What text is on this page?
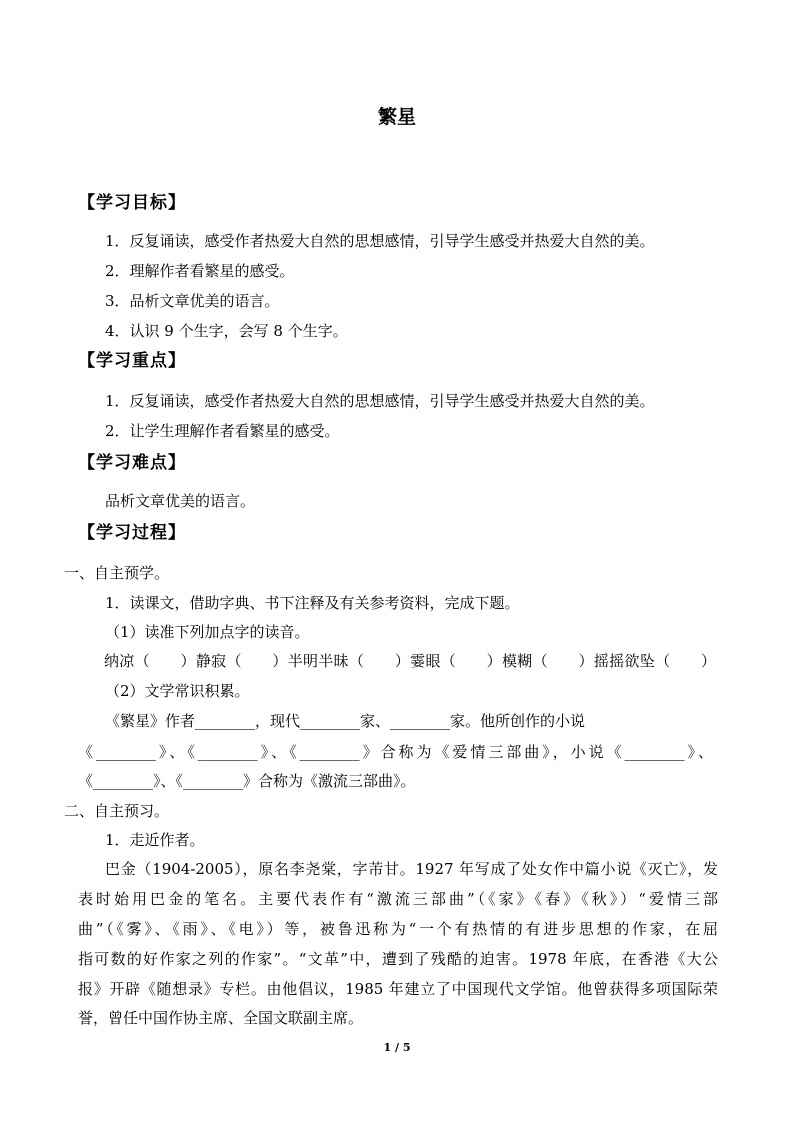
繁星
【学习目标】
1．反复诵读，感受作者热爱大自然的思想感情，引导学生感受并热爱大自然的美。
2．理解作者看繁星的感受。
3．品析文章优美的语言。
4．认识 9 个生字，会写 8 个生字。
【学习重点】
1．反复诵读，感受作者热爱大自然的思想感情，引导学生感受并热爱大自然的美。
2．让学生理解作者看繁星的感受。
【学习难点】
品析文章优美的语言。
【学习过程】
一、自主预学。
1．读课文，借助字典、书下注释及有关参考资料，完成下题。
（1）读准下列加点字的读音。
纳凉（　　）静寂（　　）半明半昧（　　）霎眼（　　）模糊（　　）摇摇欲坠（　　）
（2）文学常识积累。
《繁星》作者________，现代________家、________家。他所创作的小说
《________》、《________》、《________》合称为《爱情三部曲》，小说《________》、
《________》、《________》合称为《激流三部曲》。
二、自主预习。
1．走近作者。
巴金（1904-2005），原名李尧棠，字芾甘。1927 年写成了处女作中篇小说《灭亡》，发
表时始用巴金的笔名。主要代表作有“激流三部曲”（《家》《春》《秋》）“爱情三部
曲”（《雾》、《雨》、《电》）等，被鲁迅称为“一个有热情的有进步思想的作家，在屈
指可数的好作家之列的作家”。“文革”中，遭到了残酷的迫害。1978 年底，在香港《大公
报》开辟《随想录》专栏。由他倡议，1985 年建立了中国现代文学馆。他曾获得多项国际荣
誉，曾任中国作协主席、全国文联副主席。
1 / 5
